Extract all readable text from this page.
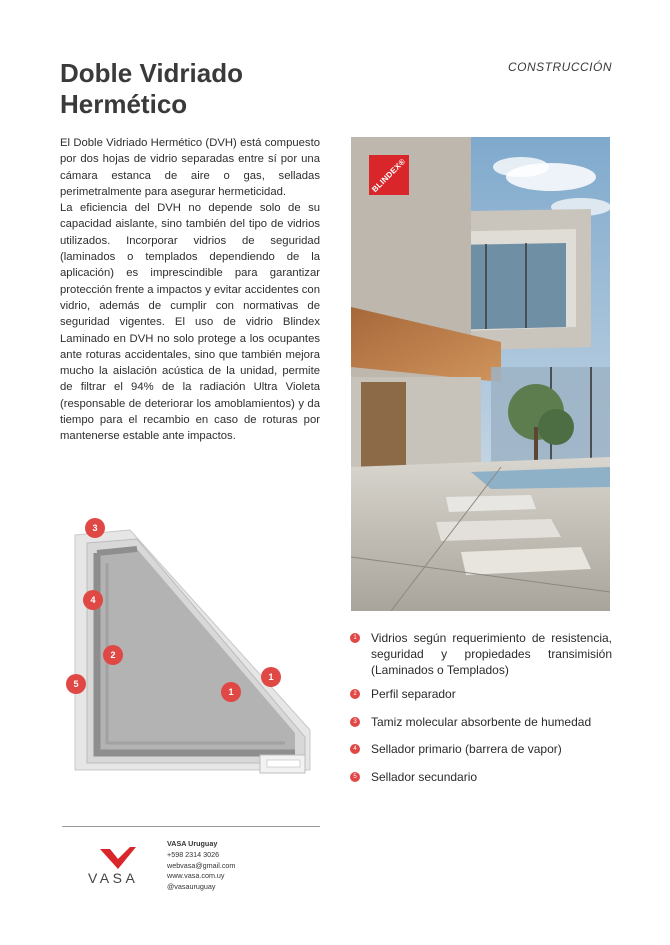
CONSTRUCCIÓN
Doble Vidriado
Hermético

El Doble Vidriado Hermético (DVH) está compuesto por dos hojas de vidrio separadas entre sí por una cámara estanca de aire o gas, selladas perimetralmente para asegurar hermeticidad.

La eficiencia del DVH no depende solo de su capacidad aislante, sino también del tipo de vidrios utilizados. Incorporar vidrios de seguridad (laminados o templados dependiendo de la aplicación) es imprescindible para garantizar protección frente a impactos y evitar accidentes con vidrio, además de cumplir con normativas de seguridad vigentes. El uso de vidrio Blindex Laminado en DVH no solo protege a los ocupantes ante roturas accidentales, sino que también mejora mucho la aislación acústica de la unidad, permite de filtrar el 94% de la radiación Ultra Violeta (responsable de deteriorar los amoblamientos) y da tiempo para el recambio en caso de roturas por mantenerse estable ante impactos.

BLINDEX®
3
4
2
5
1
1
1 Vidrios según requerimiento de resistencia, seguridad y propiedades transimisión (Laminados o Templados)
2 Perfil separador
3 Tamiz molecular absorbente de humedad
4 Sellador primario (barrera de vapor)
5 Sellador secundario
VASA
VASA Uruguay
+598 2314 3026
webvasa@gmail.com
www.vasa.com.uy
@vasauruguay
